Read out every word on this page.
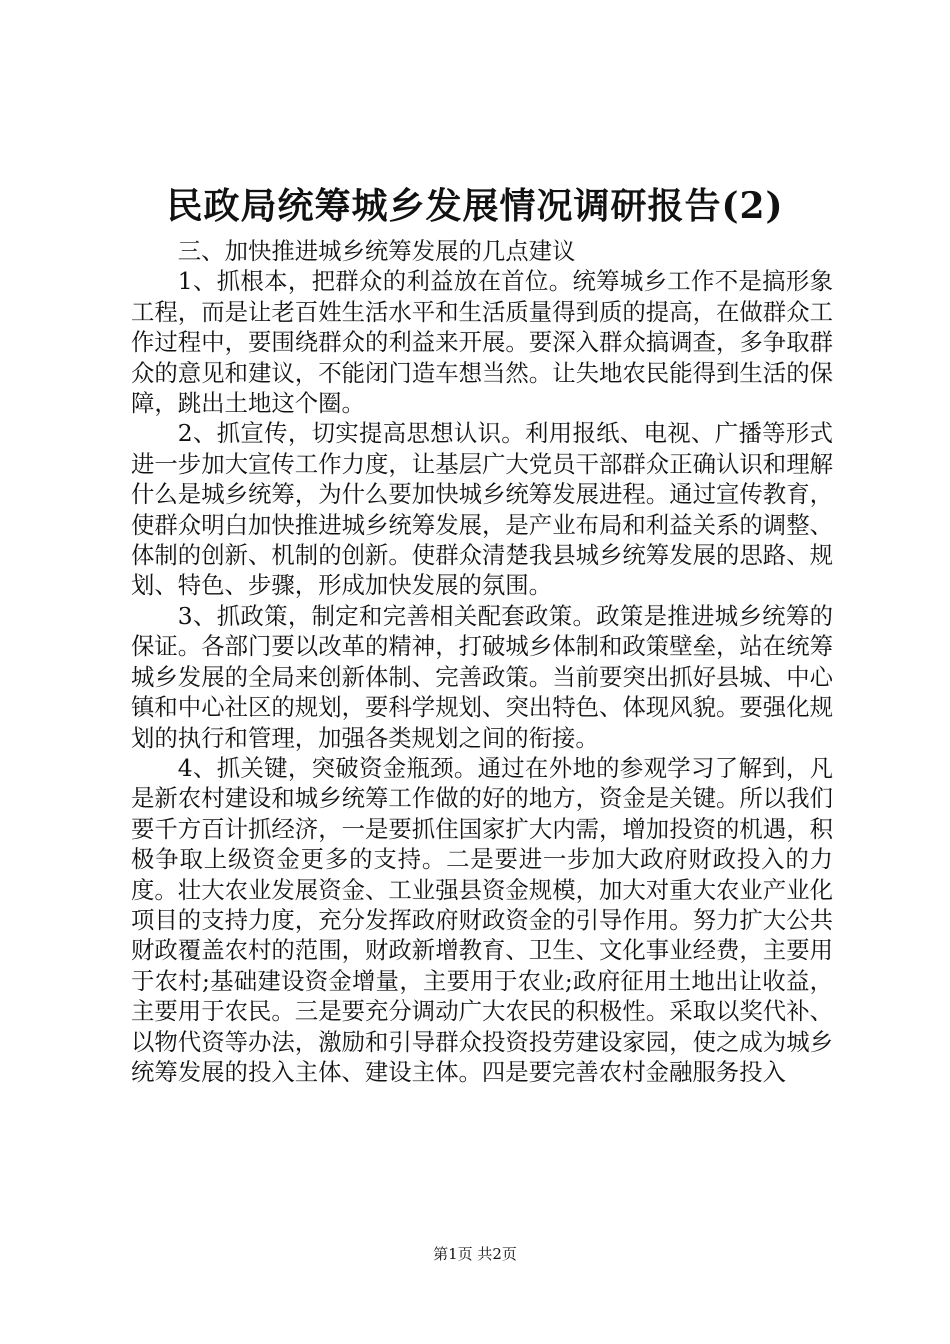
民政局统筹城乡发展情况调研报告(2)

三、加快推进城乡统筹发展的几点建议

1、抓根本，把群众的利益放在首位。统筹城乡工作不是搞形象工程，而是让老百姓生活水平和生活质量得到质的提高，在做群众工作过程中，要围绕群众的利益来开展。要深入群众搞调查，多争取群众的意见和建议，不能闭门造车想当然。让失地农民能得到生活的保障，跳出土地这个圈。

2、抓宣传，切实提高思想认识。利用报纸、电视、广播等形式进一步加大宣传工作力度，让基层广大党员干部群众正确认识和理解什么是城乡统筹，为什么要加快城乡统筹发展进程。通过宣传教育，使群众明白加快推进城乡统筹发展，是产业布局和利益关系的调整、体制的创新、机制的创新。使群众清楚我县城乡统筹发展的思路、规划、特色、步骤，形成加快发展的氛围。

3、抓政策，制定和完善相关配套政策。政策是推进城乡统筹的保证。各部门要以改革的精神，打破城乡体制和政策壁垒，站在统筹城乡发展的全局来创新体制、完善政策。当前要突出抓好县城、中心镇和中心社区的规划，要科学规划、突出特色、体现风貌。要强化规划的执行和管理，加强各类规划之间的衔接。

4、抓关键，突破资金瓶颈。通过在外地的参观学习了解到，凡是新农村建设和城乡统筹工作做的好的地方，资金是关键。所以我们要千方百计抓经济，一是要抓住国家扩大内需，增加投资的机遇，积极争取上级资金更多的支持。二是要进一步加大政府财政投入的力度。壮大农业发展资金、工业强县资金规模，加大对重大农业产业化项目的支持力度，充分发挥政府财政资金的引导作用。努力扩大公共财政覆盖农村的范围，财政新增教育、卫生、文化事业经费，主要用于农村;基础建设资金增量，主要用于农业;政府征用土地出让收益，主要用于农民。三是要充分调动广大农民的积极性。采取以奖代补、以物代资等办法，激励和引导群众投资投劳建设家园，使之成为城乡统筹发展的投入主体、建设主体。四是要完善农村金融服务投入

第1页 共2页
